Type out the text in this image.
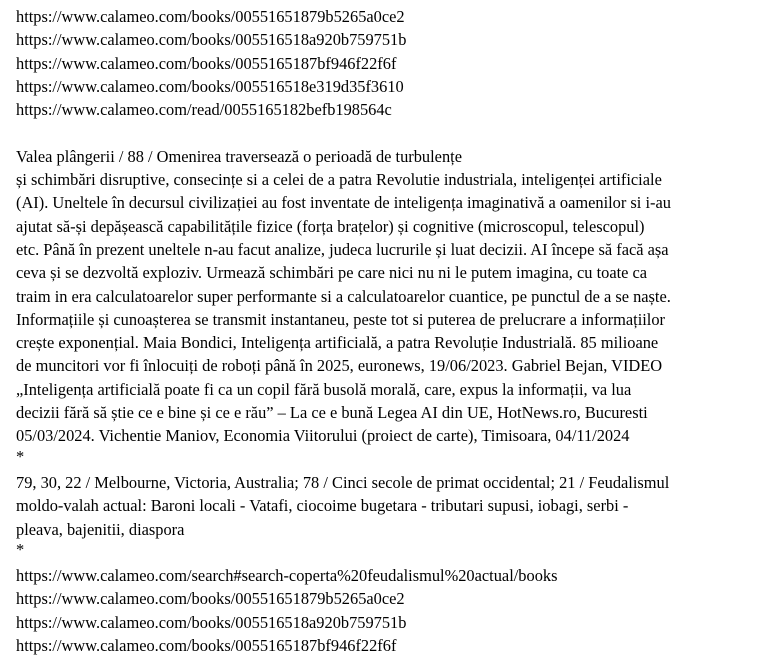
https://www.calameo.com/books/00551651879b5265a0ce2
https://www.calameo.com/books/005516518a920b759751b
https://www.calameo.com/books/0055165187bf946f22f6f
https://www.calameo.com/books/005516518e319d35f3610
https://www.calameo.com/read/0055165182befb198564c
Valea plângerii / 88 / Omenirea traversează o perioadă de turbulențe
și schimbări disruptive, consecințe si a celei de a patra Revolutie industriala, inteligenței artificiale
(AI). Uneltele în decursul civilizației au fost inventate de inteligența imaginativă a oamenilor si i-au
ajutat să-și depășească capabilitățile fizice (forța brațelor) și cognitive (microscopul, telescopul)
etc. Până în prezent uneltele n-au facut analize, judeca lucrurile și luat decizii. AI începe să facă așa
ceva și se dezvoltă exploziv. Urmează schimbări pe care nici nu ni le putem imagina, cu toate ca
traim in era calculatoarelor super performante si a calculatoarelor cuantice, pe punctul de a se naște.
Informațiile și cunoașterea se transmit instantaneu, peste tot si puterea de prelucrare a informațiilor
crește exponențial. Maia Bondici, Inteligența artificială, a patra Revoluție Industrială. 85 milioane
de muncitori vor fi înlocuiți de roboți până în 2025, euronews, 19/06/2023. Gabriel Bejan, VIDEO
„Inteligența artificială poate fi ca un copil fără busolă morală, care, expus la informații, va lua
decizii fără să știe ce e bine și ce e rău” – La ce e bună Legea AI din UE, HotNews.ro, Bucuresti
05/03/2024. Vichentie Maniov, Economia Viitorului (proiect de carte), Timisoara, 04/11/2024
*
79, 30, 22 / Melbourne, Victoria, Australia; 78 / Cinci secole de primat occidental; 21 / Feudalismul
moldo-valah actual: Baroni locali - Vatafi, ciocoime bugetara - tributari supusi, iobagi, serbi -
pleava, bajenitii, diaspora
*
https://www.calameo.com/search#search-coperta%20feudalismul%20actual/books
https://www.calameo.com/books/00551651879b5265a0ce2
https://www.calameo.com/books/005516518a920b759751b
https://www.calameo.com/books/0055165187bf946f22f6f
